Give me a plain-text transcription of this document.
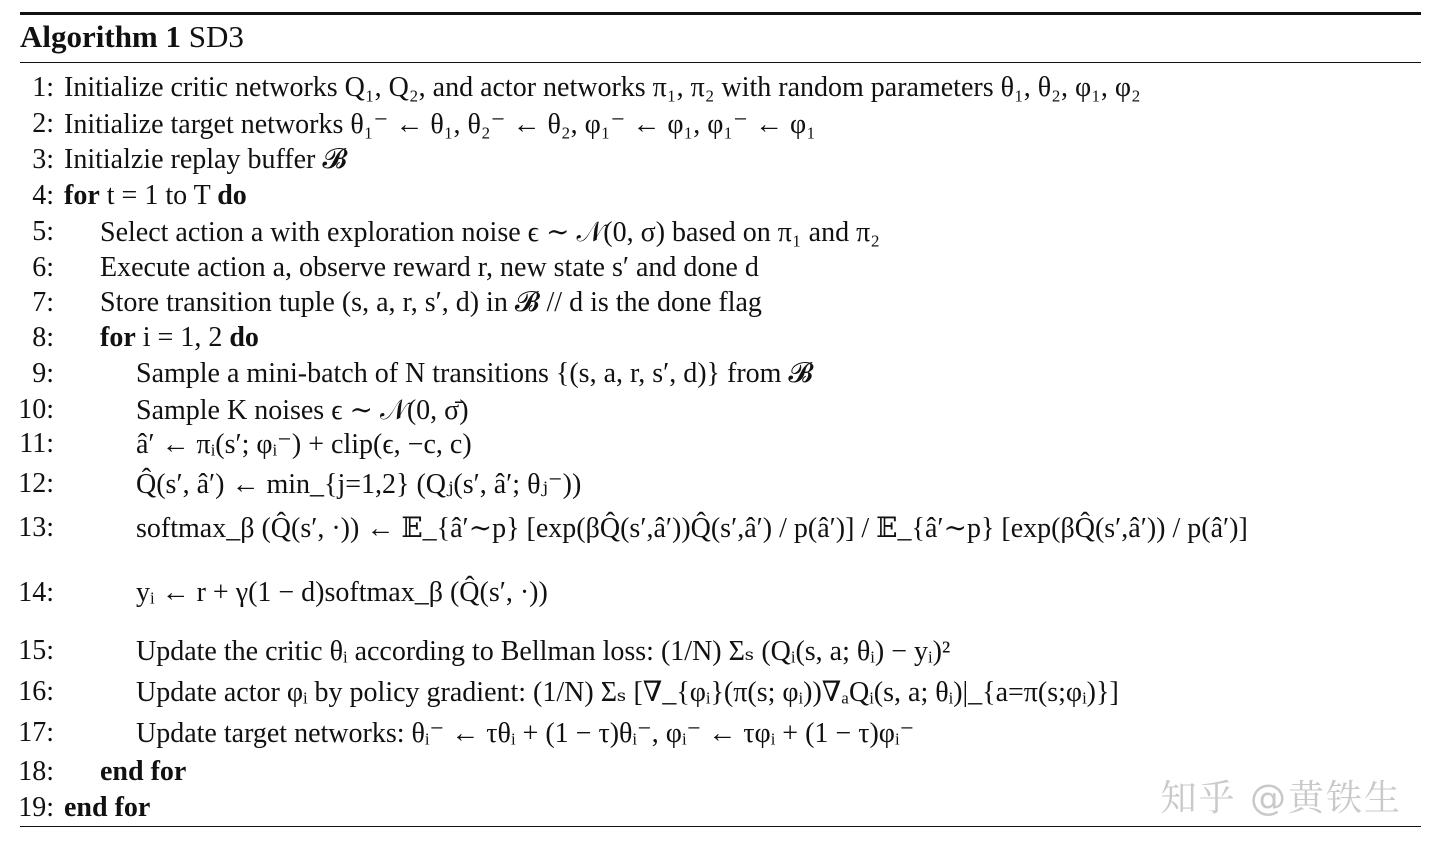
Algorithm 1 SD3
1: Initialize critic networks Q₁, Q₂, and actor networks π₁, π₂ with random parameters θ₁, θ₂, φ₁, φ₂
2: Initialize target networks θ₁⁻ ← θ₁, θ₂⁻ ← θ₂, φ₁⁻ ← φ₁, φ₁⁻ ← φ₁
3: Initialzie replay buffer 𝓑
4: for t = 1 to T do
5:	Select action a with exploration noise ϵ ∼ 𝒩(0, σ) based on π₁ and π₂
6:	Execute action a, observe reward r, new state s′ and done d
7:	Store transition tuple (s, a, r, s′, d) in 𝓑 // d is the done flag
8:	for i = 1, 2 do
9:	Sample a mini-batch of N transitions {(s, a, r, s′, d)} from 𝓑
10:	Sample K noises ϵ ∼ 𝒩(0, σ̄)
11:	â′ ← πᵢ(s′; φᵢ⁻) + clip(ϵ, −c, c)
12:	Q̂(s′, â′) ← min_{j=1,2} (Qⱼ(s′, â′; θⱼ⁻))
13:	softmax_β (Q̂(s′, ·)) ← 𝔼_{â′∼p} [exp(βQ̂(s′,â′))Q̂(s′,â′) / p(â′)] / 𝔼_{â′∼p} [exp(βQ̂(s′,â′)) / p(â′)]
14:	yᵢ ← r + γ(1 − d)softmax_β (Q̂(s′, ·))
15:	Update the critic θᵢ according to Bellman loss: (1/N) Σₛ (Qᵢ(s, a; θᵢ) − yᵢ)²
16:	Update actor φᵢ by policy gradient: (1/N) Σₛ [∇_{φᵢ}(π(s; φᵢ))∇ₐQᵢ(s, a; θᵢ)|_{a=π(s;φᵢ)}]
17:	Update target networks: θᵢ⁻ ← τθᵢ + (1 − τ)θᵢ⁻, φᵢ⁻ ← τφᵢ + (1 − τ)φᵢ⁻
18:	end for
19: end for	知乎 @黄铁生
